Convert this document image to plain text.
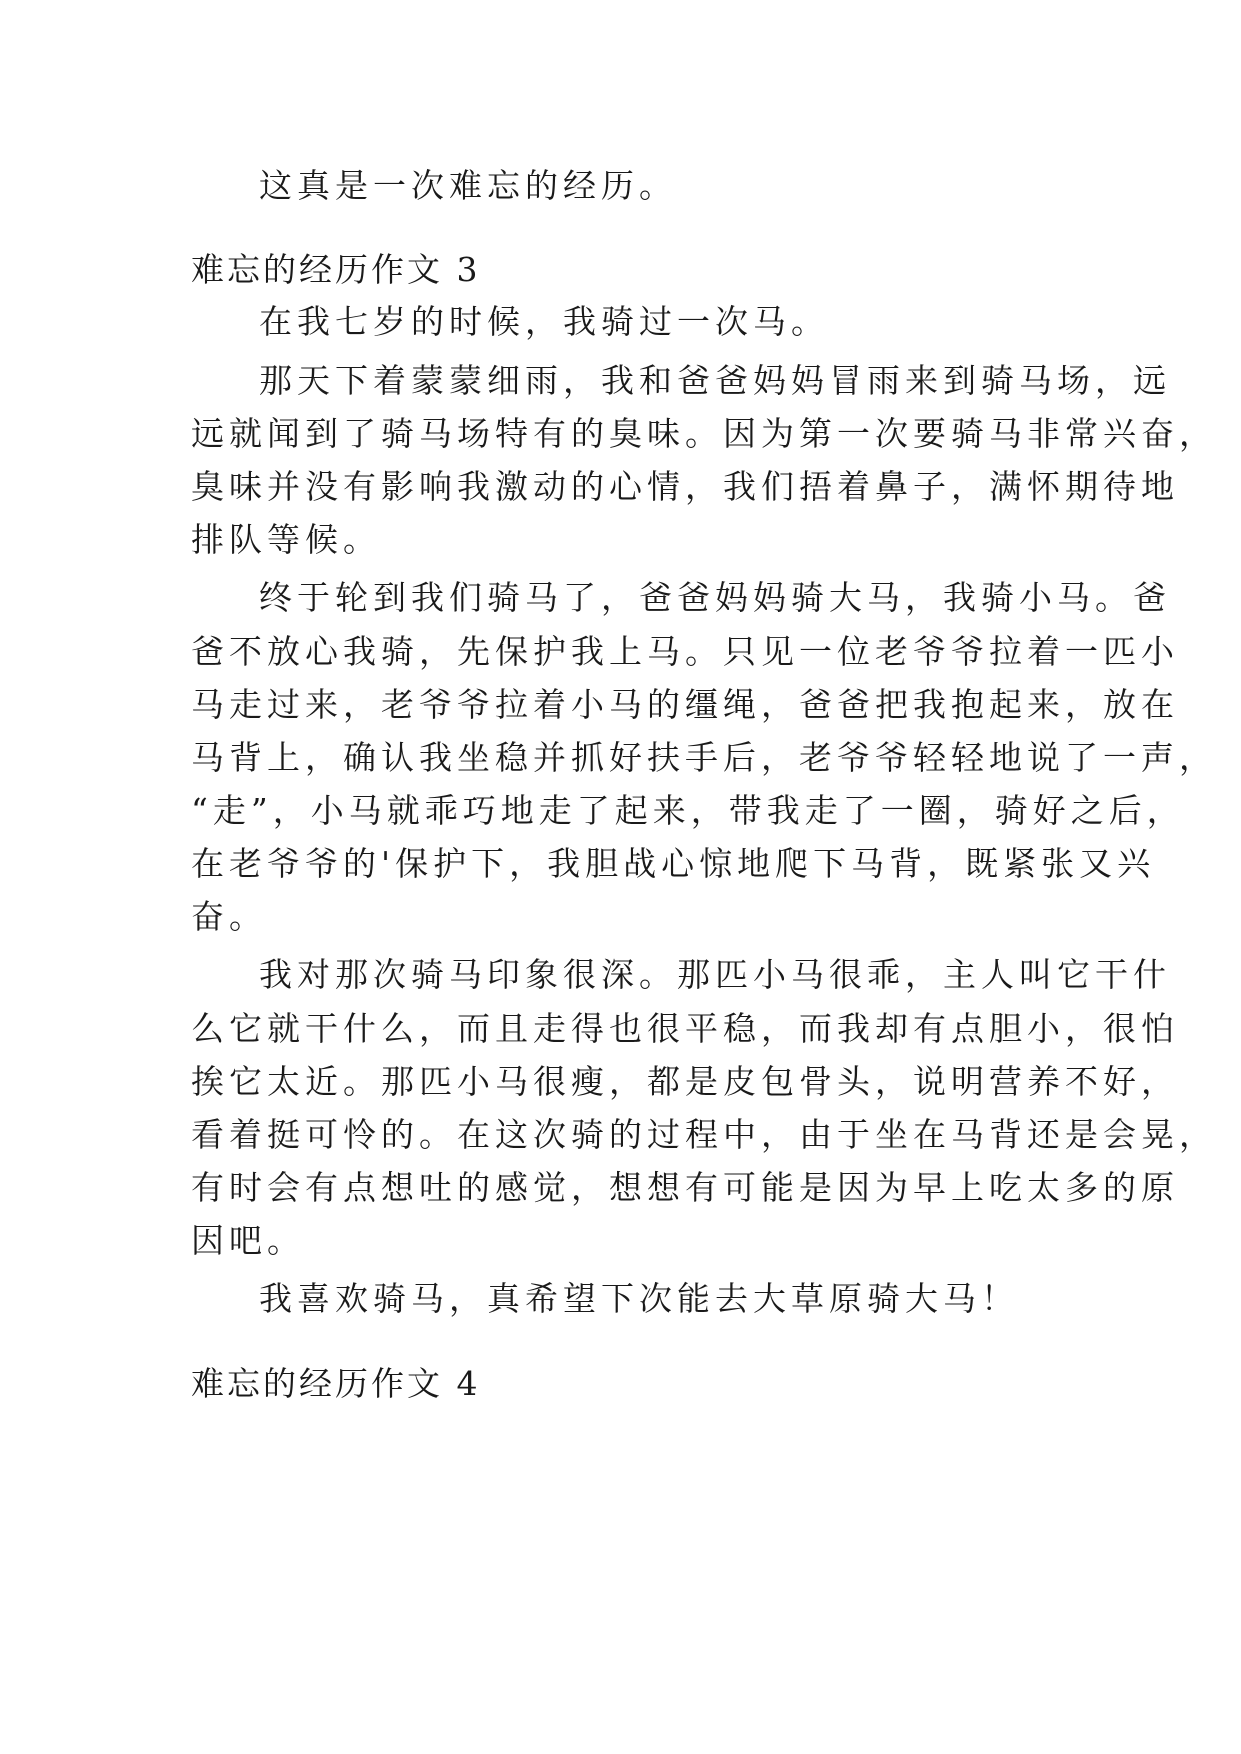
这真是一次难忘的经历。
难忘的经历作文 3
在我七岁的时候，我骑过一次马。
那天下着蒙蒙细雨，我和爸爸妈妈冒雨来到骑马场，远
远就闻到了骑马场特有的臭味。因为第一次要骑马非常兴奋，
臭味并没有影响我激动的心情，我们捂着鼻子，满怀期待地
排队等候。
终于轮到我们骑马了，爸爸妈妈骑大马，我骑小马。爸
爸不放心我骑，先保护我上马。只见一位老爷爷拉着一匹小
马走过来，老爷爷拉着小马的缰绳，爸爸把我抱起来，放在
马背上，确认我坐稳并抓好扶手后，老爷爷轻轻地说了一声，
“走”，小马就乖巧地走了起来，带我走了一圈，骑好之后，
在老爷爷的'保护下，我胆战心惊地爬下马背，既紧张又兴
奋。
我对那次骑马印象很深。那匹小马很乖，主人叫它干什
么它就干什么，而且走得也很平稳，而我却有点胆小，很怕
挨它太近。那匹小马很瘦，都是皮包骨头，说明营养不好，
看着挺可怜的。在这次骑的过程中，由于坐在马背还是会晃，
有时会有点想吐的感觉，想想有可能是因为早上吃太多的原
因吧。
我喜欢骑马，真希望下次能去大草原骑大马！
难忘的经历作文 4
